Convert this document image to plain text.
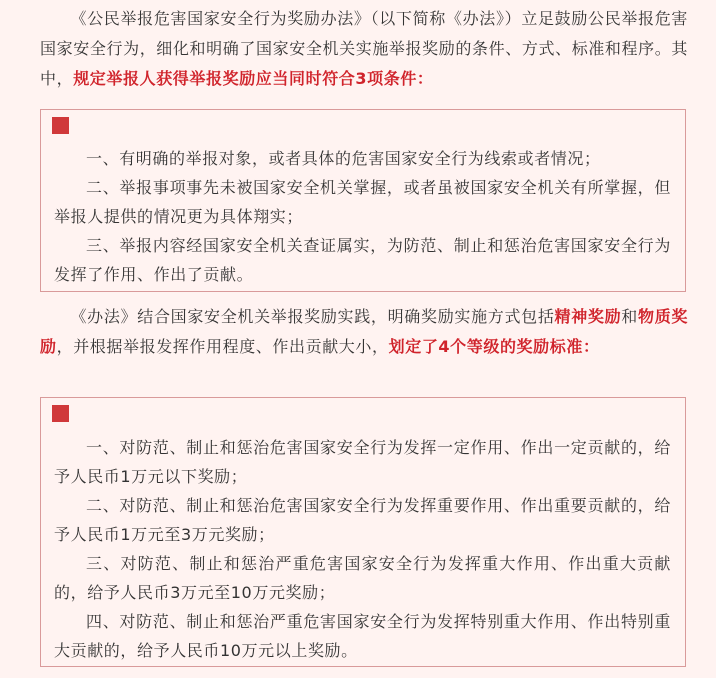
《公民举报危害国家安全行为奖励办法》（以下简称《办法》）立足鼓励公民举报危害国家安全行为，细化和明确了国家安全机关实施举报奖励的条件、方式、标准和程序。其中，规定举报人获得举报奖励应当同时符合3项条件：

一、有明确的举报对象，或者具体的危害国家安全行为线索或者情况；

二、举报事项事先未被国家安全机关掌握，或者虽被国家安全机关有所掌握，但举报人提供的情况更为具体翔实；

三、举报内容经国家安全机关查证属实，为防范、制止和惩治危害国家安全行为发挥了作用、作出了贡献。

《办法》结合国家安全机关举报奖励实践，明确奖励实施方式包括精神奖励和物质奖励，并根据举报发挥作用程度、作出贡献大小，划定了4个等级的奖励标准：

一、对防范、制止和惩治危害国家安全行为发挥一定作用、作出一定贡献的，给予人民币1万元以下奖励；

二、对防范、制止和惩治危害国家安全行为发挥重要作用、作出重要贡献的，给予人民币1万元至3万元奖励；

三、对防范、制止和惩治严重危害国家安全行为发挥重大作用、作出重大贡献的，给予人民币3万元至10万元奖励；

四、对防范、制止和惩治严重危害国家安全行为发挥特别重大作用、作出特别重大贡献的，给予人民币10万元以上奖励。
